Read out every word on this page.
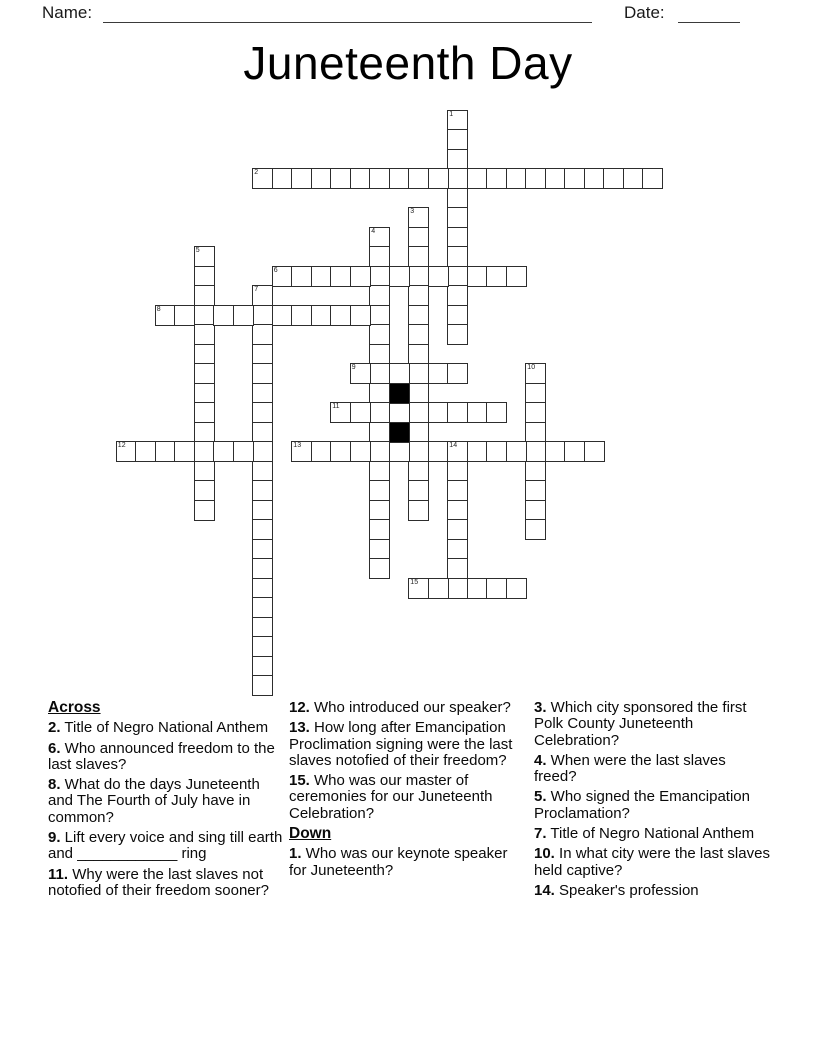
Name:	Date:
Juneteenth Day
1
2
3
4
5
6
7
8
9	10
11
12	13	14
15
Across

2. Title of Negro National Anthem

6. Who announced freedom to the last slaves?

8. What do the days Juneteenth and The Fourth of July have in common?

9. Lift every voice and sing till earth and ____________ ring

11. Why were the last slaves not notofied of their freedom sooner?

12. Who introduced our speaker?

13. How long after Emancipation Proclimation signing were the last slaves notofied of their freedom?

15. Who was our master of ceremonies for our Juneteenth Celebration?

Down

1. Who was our keynote speaker for Juneteenth?

3. Which city sponsored the first Polk County Juneteenth Celebration?

4. When were the last slaves freed?

5. Who signed the Emancipation Proclamation?

7. Title of Negro National Anthem

10. In what city were the last slaves held captive?

14. Speaker's profession
